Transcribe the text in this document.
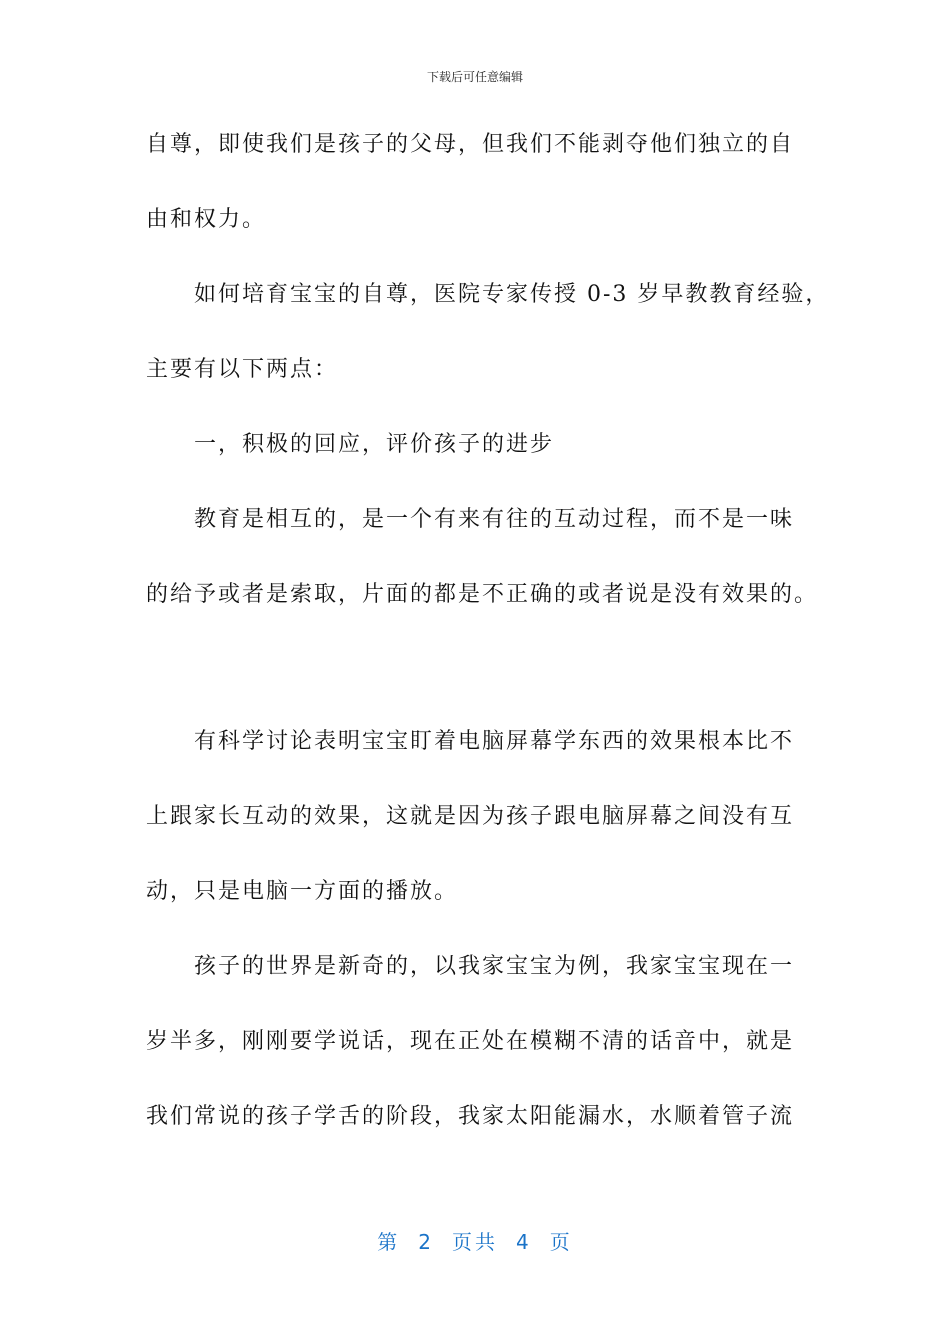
下载后可任意编辑
自尊，即使我们是孩子的父母，但我们不能剥夺他们独立的自
由和权力。
　　如何培育宝宝的自尊，医院专家传授 0-3 岁早教教育经验，
主要有以下两点：
　　一，积极的回应，评价孩子的进步
　　教育是相互的，是一个有来有往的互动过程，而不是一味
的给予或者是索取，片面的都是不正确的或者说是没有效果的。
　　有科学讨论表明宝宝盯着电脑屏幕学东西的效果根本比不
上跟家长互动的效果，这就是因为孩子跟电脑屏幕之间没有互
动，只是电脑一方面的播放。
　　孩子的世界是新奇的，以我家宝宝为例，我家宝宝现在一
岁半多，刚刚要学说话，现在正处在模糊不清的话音中，就是
我们常说的孩子学舌的阶段，我家太阳能漏水，水顺着管子流
第 2 页共 4 页
